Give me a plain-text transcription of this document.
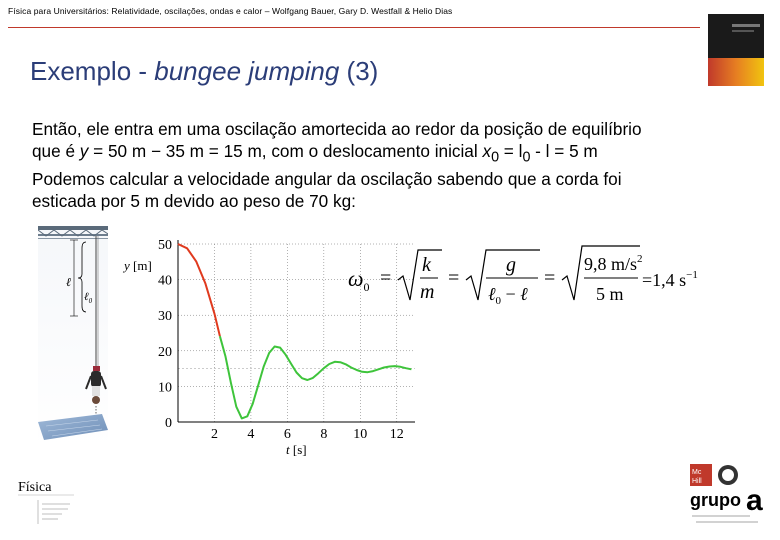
Física para Universitários: Relatividade, oscilações, ondas e calor – Wolfgang Bauer, Gary D. Westfall & Helio Dias
Exemplo - bungee jumping (3)

Então, ele entra em uma oscilação amortecida ao redor da posição de equilíbrio

que é y = 50 m − 35 m = 15 m, com o deslocamento inicial $x_0 = l_0 - l = 5$ m

Podemos calcular a velocidade angular da oscilação sabendo que a corda foi

esticada por 5 m devido ao peso de 70 kg:

ℓ
ℓ$_0$
0
10
20
30
40
50
2 4 6 8 10 12
y [m]
t [s]
$\omega_0$ =
k
m
=
g
ℓ$_0$ − ℓ
=
9,8 $m/s^2$
5 m
=1,4 $s^{-1}$
Física
Mc
Hill
grupo a
